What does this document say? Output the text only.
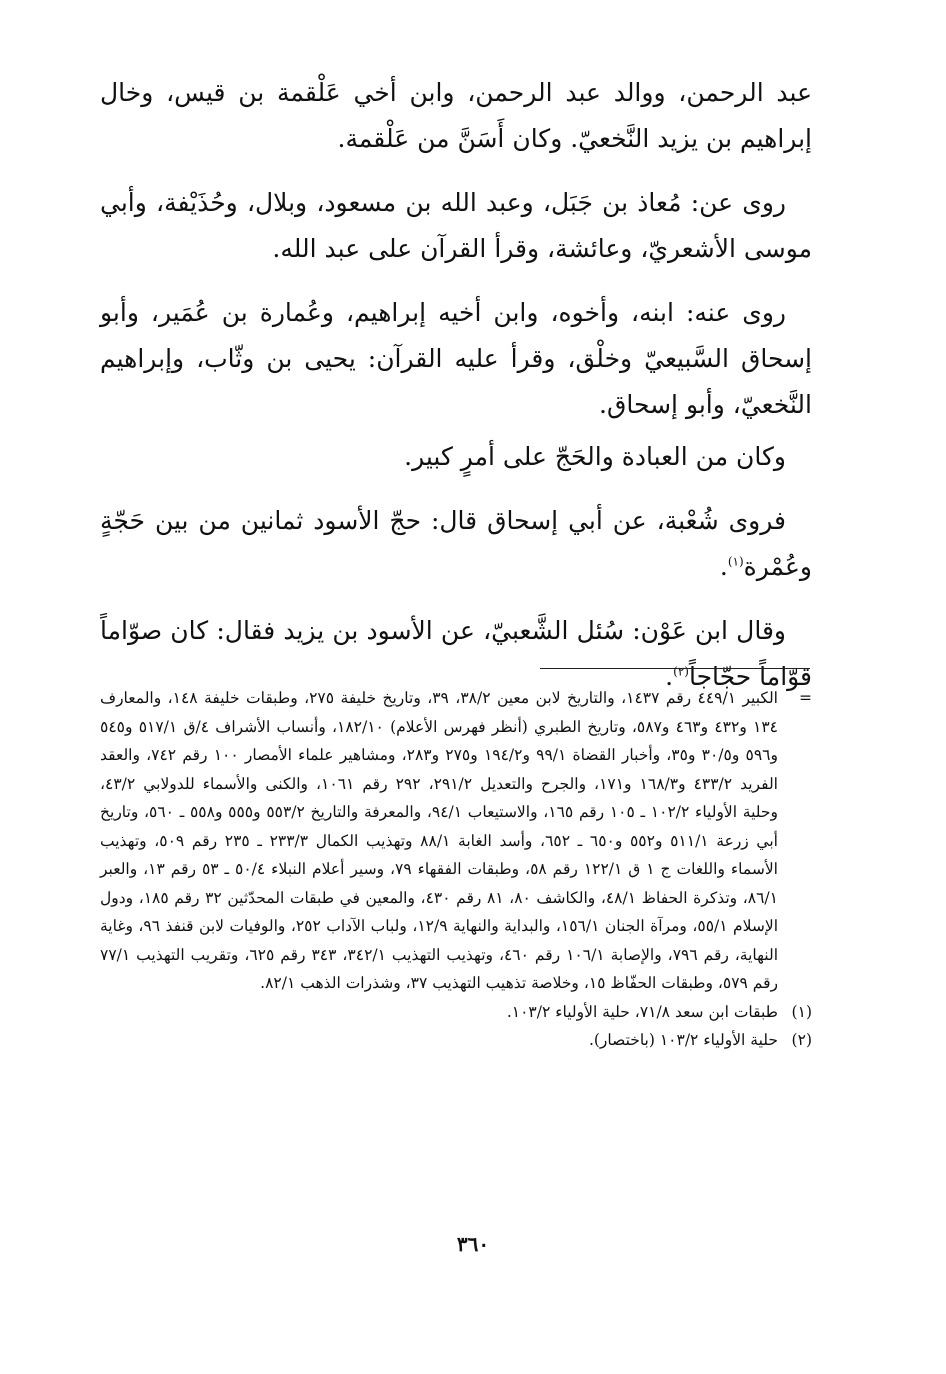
عبد الرحمن، ووالد عبد الرحمن، وابن أخي عَلْقمة بن قيس، وخال إبراهيم بن يزيد النَّخعيّ. وكان أَسَنَّ من عَلْقمة.

روى عن: مُعاذ بن جَبَل، وعبد الله بن مسعود، وبلال، وحُذَيْفة، وأبي موسى الأشعريّ، وعائشة، وقرأ القرآن على عبد الله.

روى عنه: ابنه، وأخوه، وابن أخيه إبراهيم، وعُمارة بن عُمَير، وأبو إسحاق السَّبيعيّ وخلْق، وقرأ عليه القرآن: يحيى بن وثّاب، وإبراهيم النَّخعيّ، وأبو إسحاق.

وكان من العبادة والحَجّ على أمرٍ كبير.

فروى شُعْبة، عن أبي إسحاق قال: حجّ الأسود ثمانين من بين حَجّةٍ وعُمْرة$^{(١)}$.

وقال ابن عَوْن: سُئل الشَّعبيّ، عن الأسود بن يزيد فقال: كان صوّاماً قوّاماً حجّاجاً$^{(٢)}$.

=
الكبير ٤٤٩/١ رقم ١٤٣٧، والتاريخ لابن معين ٣٨/٢، ٣٩، وتاريخ خليفة ٢٧٥، وطبقات خليفة ١٤٨، والمعارف ١٣٤ و٤٣٢ و٤٦٣ و٥٨٧، وتاريخ الطبري (أنظر فهرس الأعلام) ١٨٢/١٠، وأنساب الأشراف ٤/ق ٥١٧/١ و٥٤٥ و٥٩٦ و٣٠/٥ و٣٥، وأخبار القضاة ٩٩/١ و١٩٤/٢ و٢٧٥ و٢٨٣، ومشاهير علماء الأمصار ١٠٠ رقم ٧٤٢، والعقد الفريد ٤٣٣/٢ و١٦٨/٣ و١٧١، والجرح والتعديل ٢٩١/٢، ٢٩٢ رقم ١٠٦١، والكنى والأسماء للدولابي ٤٣/٢، وحلية الأولياء ١٠٢/٢ ـ ١٠٥ رقم ١٦٥، والاستيعاب ٩٤/١، والمعرفة والتاريخ ٥٥٣/٢ و٥٥٥ و٥٥٨ ـ ٥٦٠، وتاريخ أبي زرعة ٥١١/١ و٥٥٢ و٦٥٠ ـ ٦٥٢، وأسد الغابة ٨٨/١ وتهذيب الكمال ٢٣٣/٣ ـ ٢٣٥ رقم ٥٠٩، وتهذيب الأسماء واللغات ج ١ ق ١٢٢/١ رقم ٥٨، وطبقات الفقهاء ٧٩، وسير أعلام النبلاء ٥٠/٤ ـ ٥٣ رقم ١٣، والعبر ٨٦/١، وتذكرة الحفاظ ٤٨/١، والكاشف ٨٠، ٨١ رقم ٤٣٠، والمعين في طبقات المحدّثين ٣٢ رقم ١٨٥، ودول الإسلام ٥٥/١، ومرآة الجنان ١٥٦/١، والبداية والنهاية ١٢/٩، ولباب الآداب ٢٥٢، والوفيات لابن قنفذ ٩٦، وغاية النهاية، رقم ٧٩٦، والإصابة ١٠٦/١ رقم ٤٦٠، وتهذيب التهذيب ٣٤٢/١، ٣٤٣ رقم ٦٢٥، وتقريب التهذيب ٧٧/١ رقم ٥٧٩، وطبقات الحفّاظ ١٥، وخلاصة تذهيب التهذيب ٣٧، وشذرات الذهب ٨٢/١.
(١)
طبقات ابن سعد ٧١/٨، حلية الأولياء ١٠٣/٢.
(٢)
حلية الأولياء ١٠٣/٢ (باختصار).
٣٦٠
